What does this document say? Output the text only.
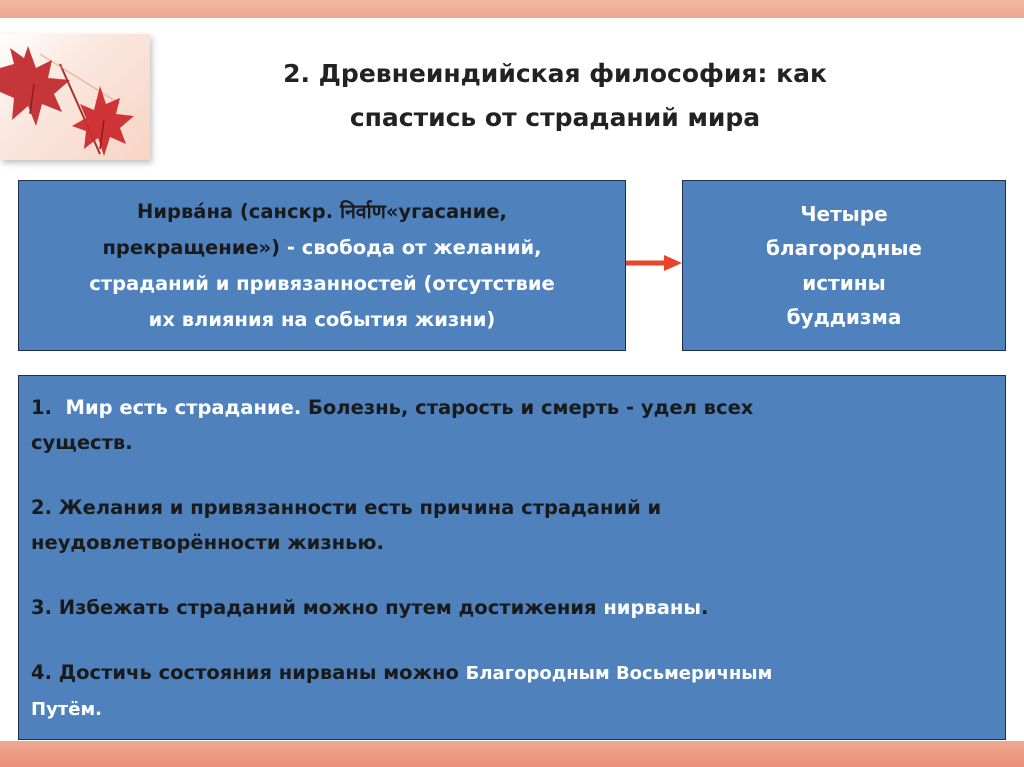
2. Древнеиндийская философия: как
спастись от страданий мира
Нирва́на (санскр. निर्वाण«угасание,
прекращение») - свобода от желаний,
страданий и привязанностей (отсутствие
их влияния на события жизни)
Четыре
благородные
истины
буддизма

1.  Мир есть страдание. Болезнь, старость и смерть - удел всех
существ.

2. Желания и привязанности есть причина страданий и
неудовлетворённости жизнью.

3. Избежать страданий можно путем достижения нирваны.

4. Достичь состояния нирваны можно Благородным Восьмеричным
Путём.
